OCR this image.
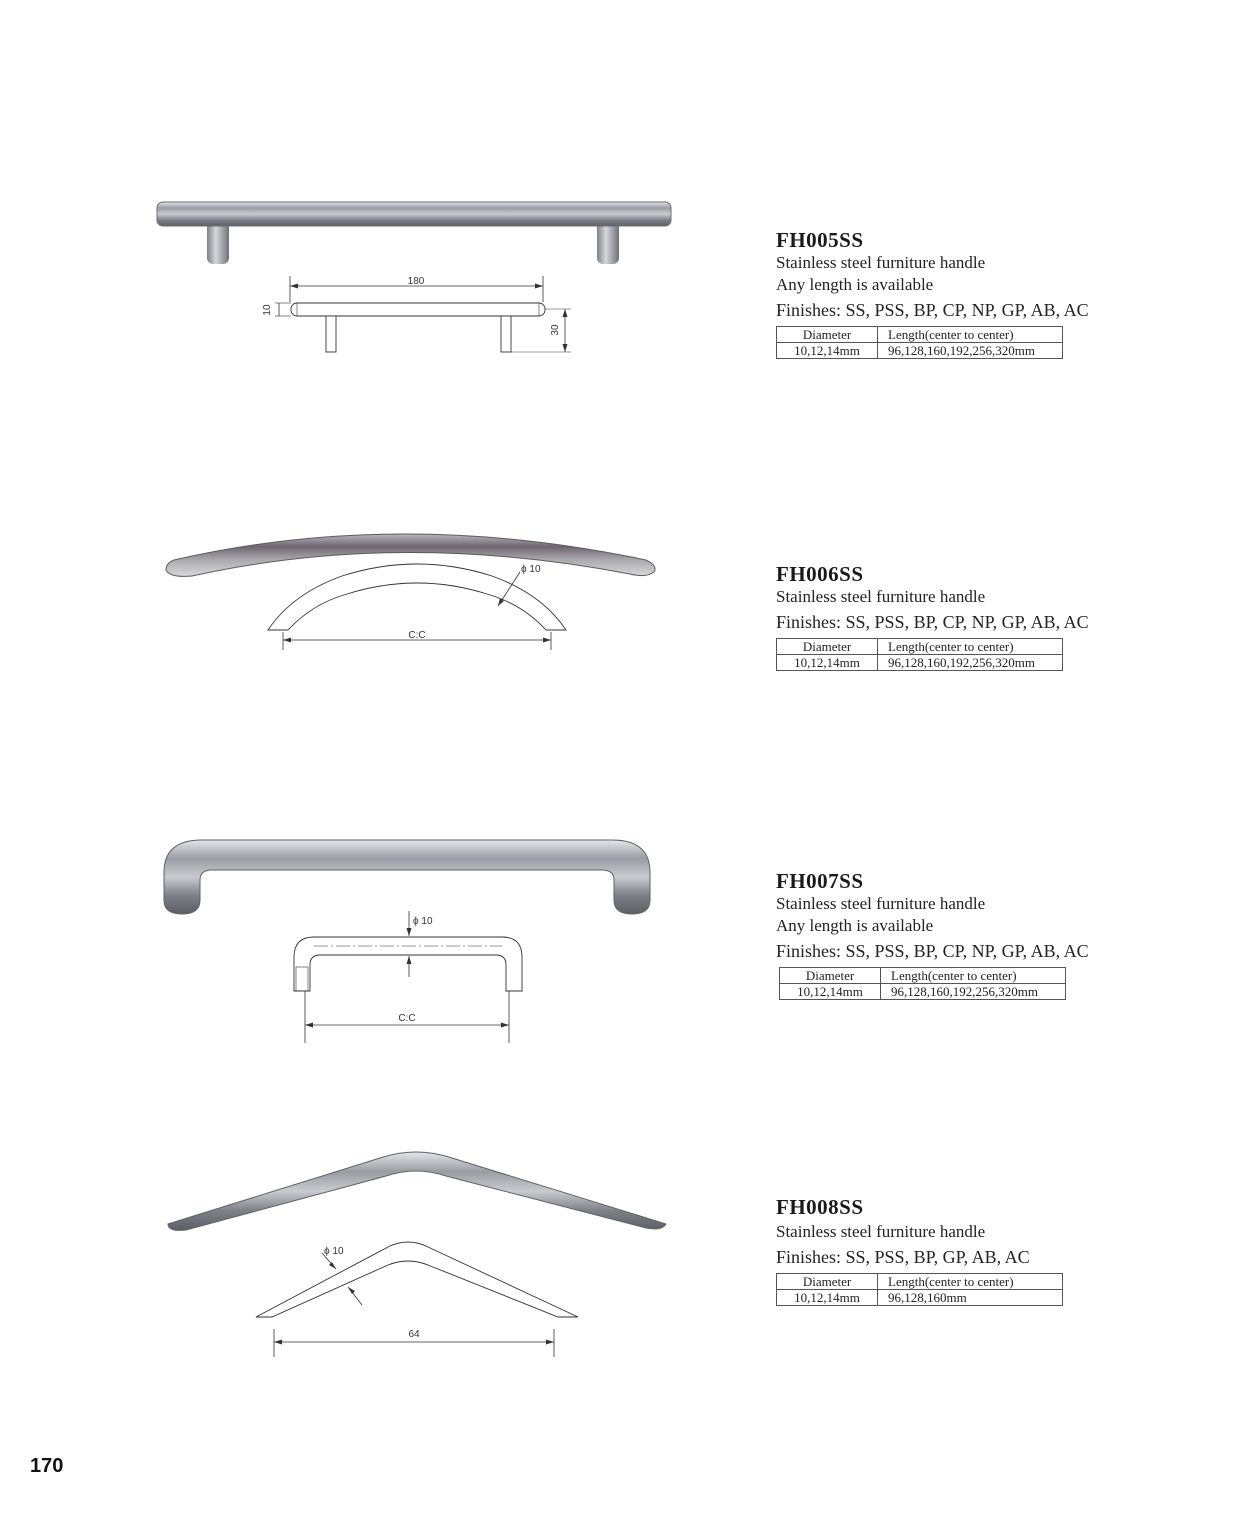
180
10
30
FH005SS
Stainless steel furniture handle
Any length is available
Finishes: SS, PSS, BP, CP, NP, GP, AB, AC
Diameter	Length(center to center)
10,12,14mm	96,128,160,192,256,320mm
C:C
ϕ 10	FH006SS
Stainless steel furniture handle
Finishes: SS, PSS, BP, CP, NP, GP, AB, AC
Diameter	Length(center to center)
10,12,14mm	96,128,160,192,256,320mm
ϕ 10
C:C
FH007SS
Stainless steel furniture handle
Any length is available
Finishes: SS, PSS, BP, CP, NP, GP, AB, AC
Diameter	Length(center to center)
10,12,14mm	96,128,160,192,256,320mm
ϕ 10
64
FH008SS
Stainless steel furniture handle
Finishes: SS, PSS, BP, GP, AB, AC
Diameter	Length(center to center)
10,12,14mm	96,128,160mm
170
